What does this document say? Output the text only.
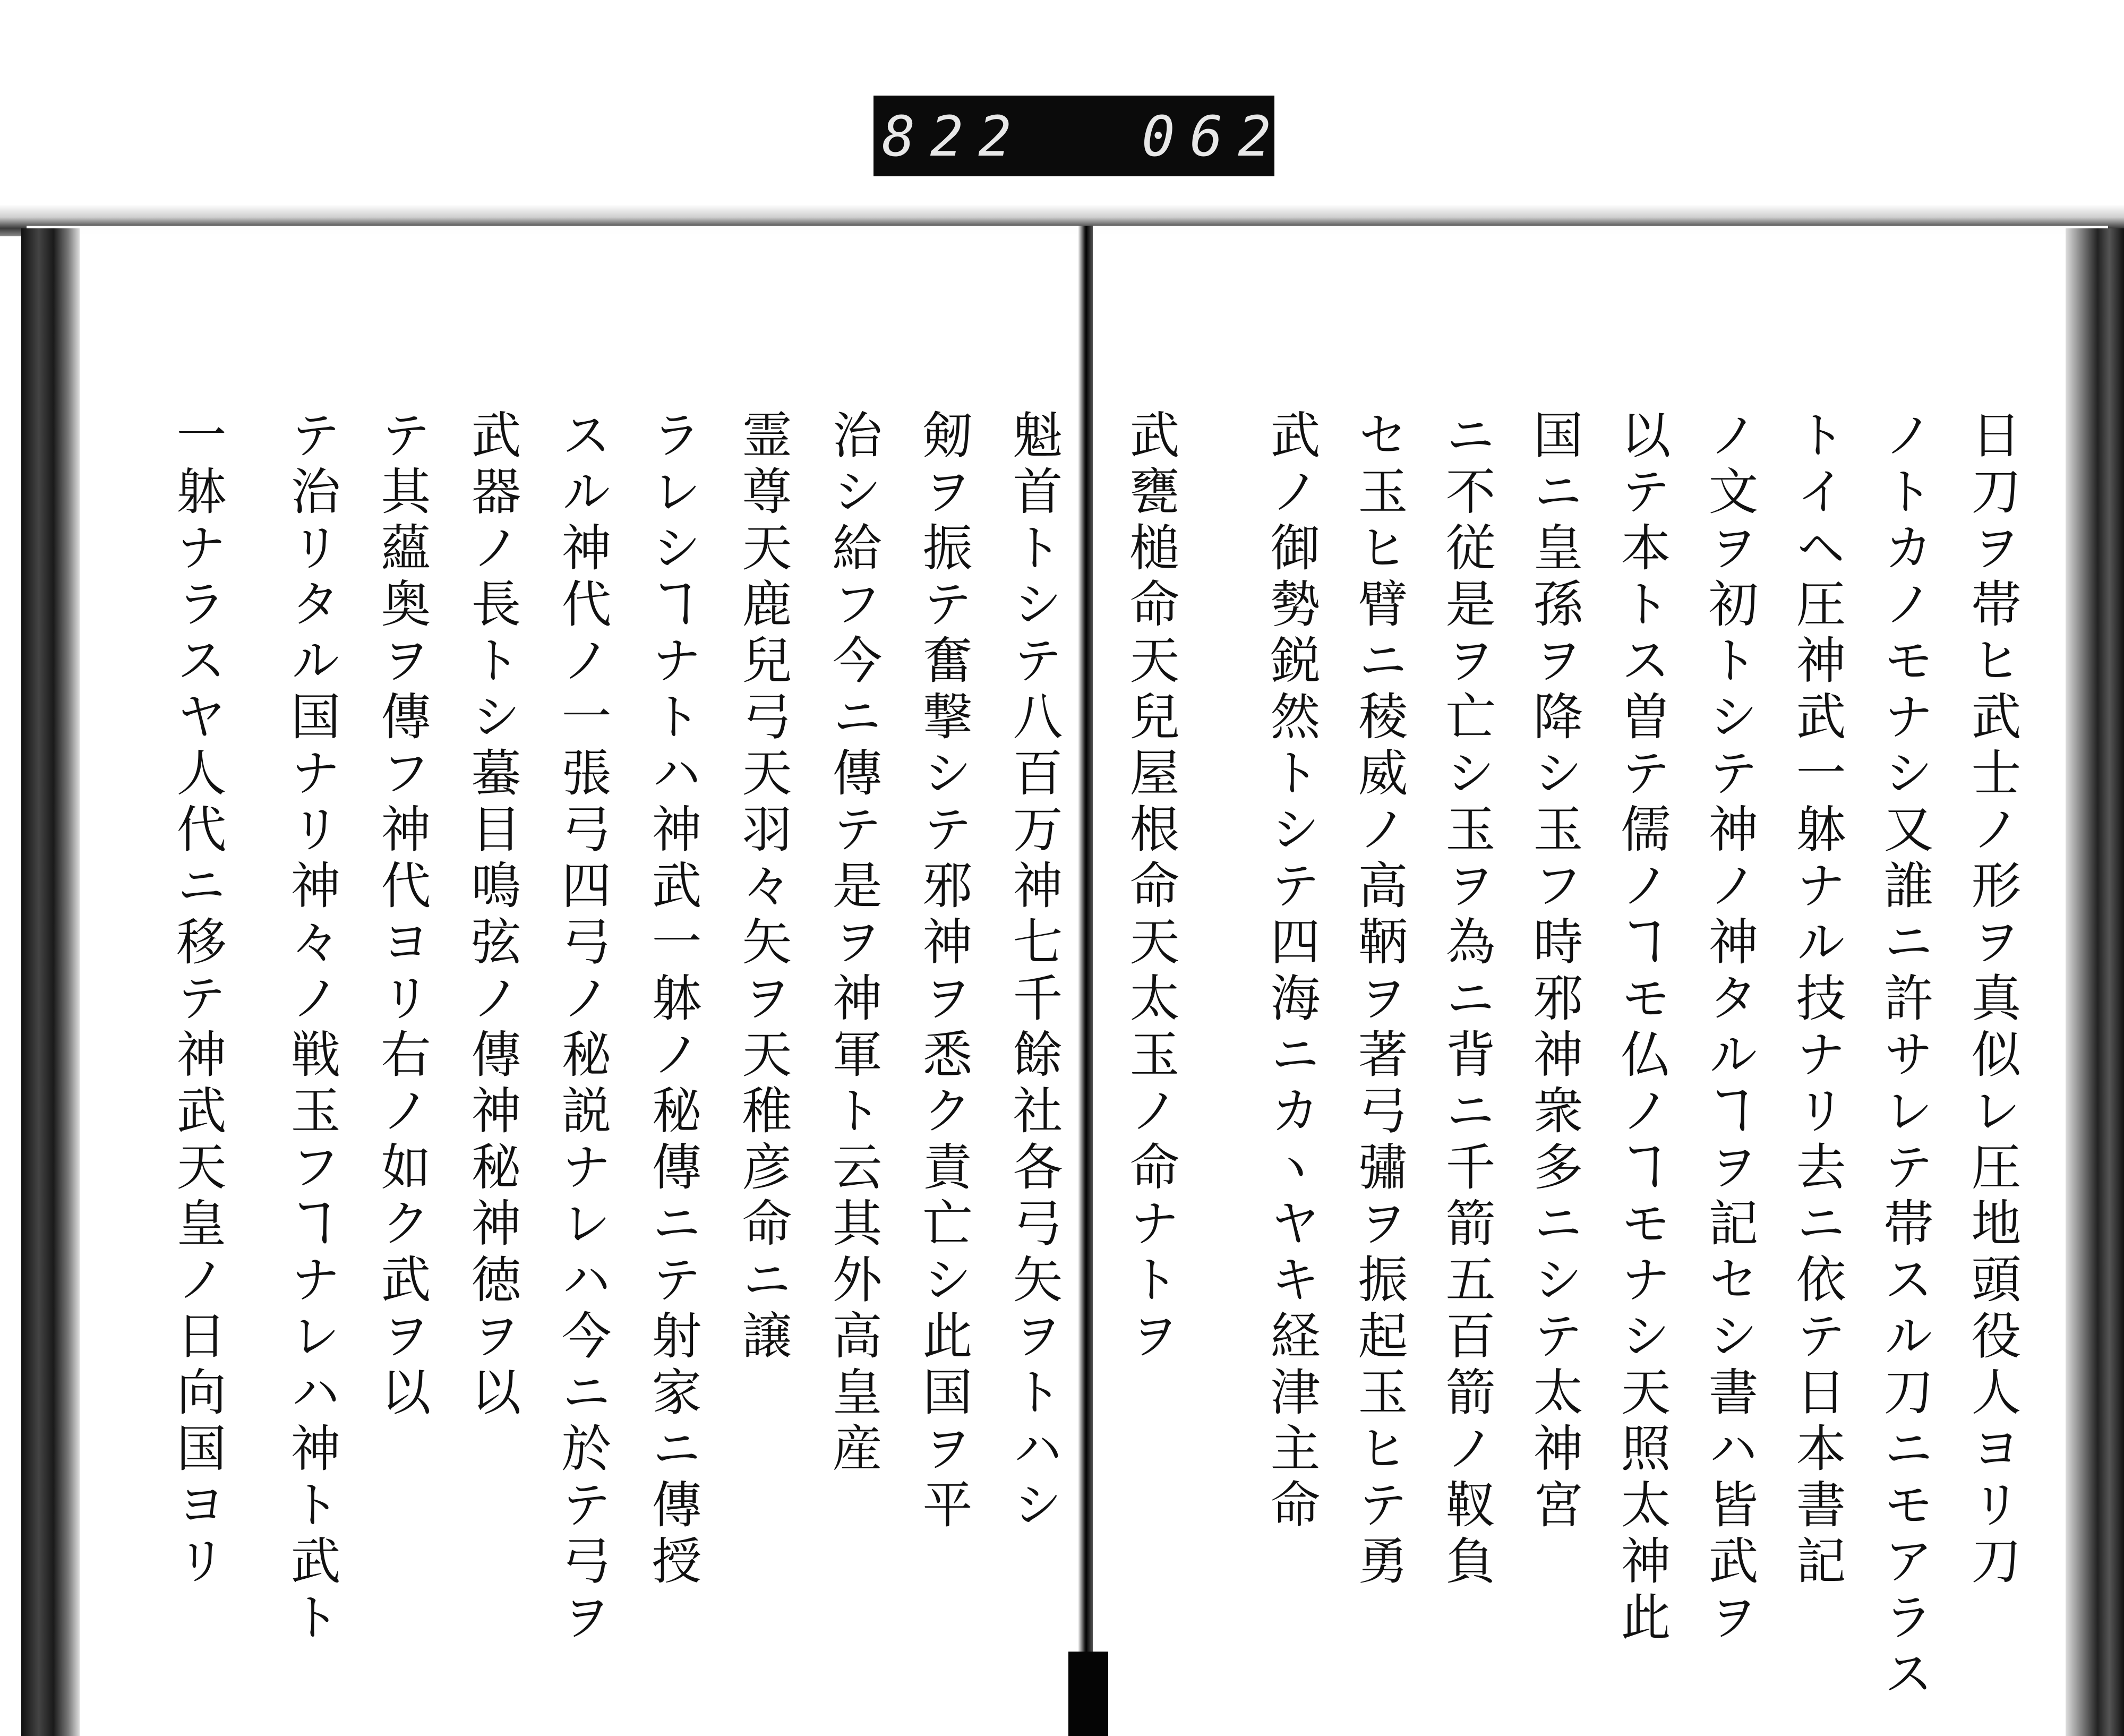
822 062
日刀ヲ帯ヒ武士ノ形ヲ真似レ圧地頭役人ヨリ刀
ノトカノモナシ又誰ニ許サレテ帯スル刀ニモアラス
トイヘ圧神武一躰ナル技ナリ去ニ依テ日本書記
ノ文ヲ初トシテ神ノ神タルヿヲ記セシ書ハ皆武ヲ
以テ本トス曽テ儒ノヿモ仏ノヿモナシ天照太神此
国ニ皇孫ヲ降シ玉フ時邪神衆多ニシテ太神宮
ニ不従是ヲ亡シ玉ヲ為ニ背ニ千箭五百箭ノ靫負
セ玉ヒ臂ニ稜威ノ高鞆ヲ著弓彇ヲ振起玉ヒテ勇
武ノ御勢鋭然トシテ四海ニカヽヤキ経津主命
武甕槌命天兒屋根命天太玉ノ命ナトヲ
魁首トシテ八百万神七千餘社各弓矢ヲトハシ
剱ヲ振テ奮撃シテ邪神ヲ悉ク責亡シ此国ヲ平
治シ給フ今ニ傳テ是ヲ神軍ト云其外高皇産
霊尊天鹿兒弓天羽々矢ヲ天稚彦命ニ譲
ラレシヿナトハ神武一躰ノ秘傳ニテ射家ニ傳授
スル神代ノ一張弓四弓ノ秘説ナレハ今ニ於テ弓ヲ
武器ノ長トシ蟇目鳴弦ノ傳神秘神徳ヲ以
テ其蘊奥ヲ傳フ神代ヨリ右ノ如ク武ヲ以
テ治リタル国ナリ神々ノ戦玉フヿナレハ神ト武ト
一躰ナラスヤ人代ニ移テ神武天皇ノ日向国ヨリ
